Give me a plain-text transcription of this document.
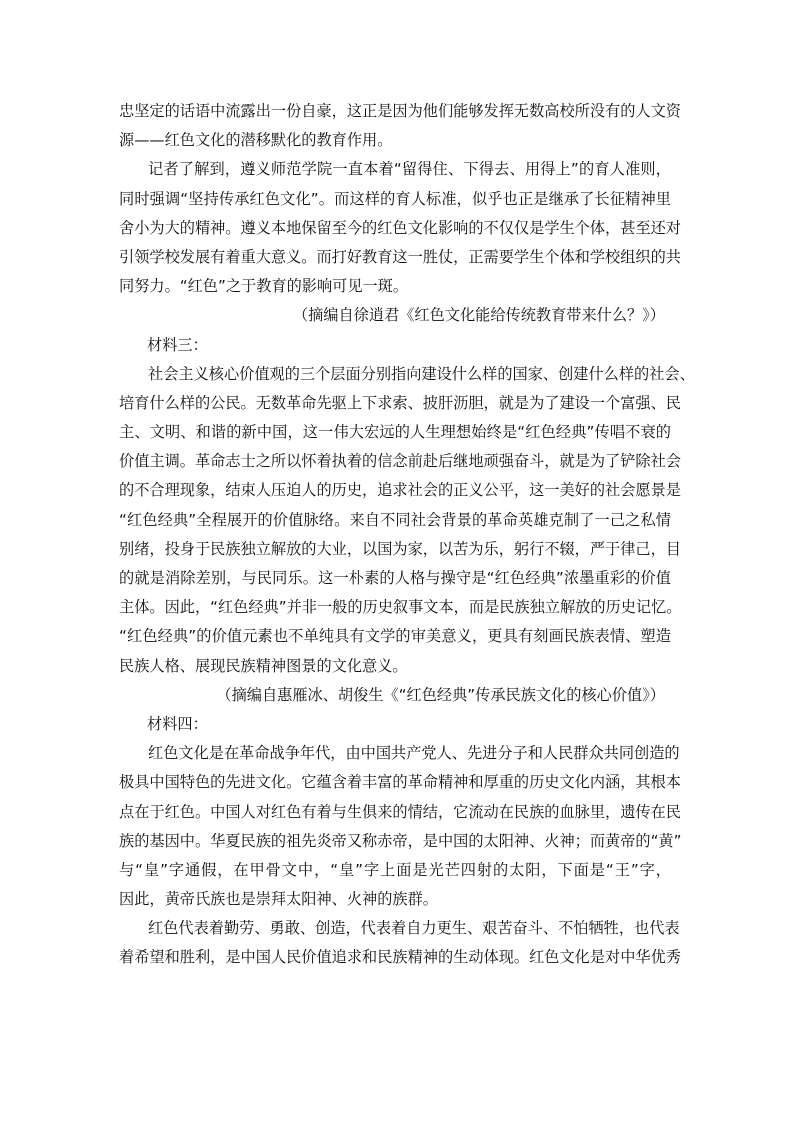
忠坚定的话语中流露出一份自豪，这正是因为他们能够发挥无数高校所没有的人文资
源——红色文化的潜移默化的教育作用。
记者了解到，遵义师范学院一直本着“留得住、下得去、用得上”的育人准则，
同时强调“坚持传承红色文化”。而这样的育人标准，似乎也正是继承了长征精神里
舍小为大的精神。遵义本地保留至今的红色文化影响的不仅仅是学生个体，甚至还对
引领学校发展有着重大意义。而打好教育这一胜仗，正需要学生个体和学校组织的共
同努力。“红色”之于教育的影响可见一斑。
（摘编自徐逍君《红色文化能给传统教育带来什么？》）
材料三：
社会主义核心价值观的三个层面分别指向建设什么样的国家、创建什么样的社会、
培育什么样的公民。无数革命先驱上下求索、披肝沥胆，就是为了建设一个富强、民
主、文明、和谐的新中国，这一伟大宏远的人生理想始终是“红色经典”传唱不衰的
价值主调。革命志士之所以怀着执着的信念前赴后继地顽强奋斗，就是为了铲除社会
的不合理现象，结束人压迫人的历史，追求社会的正义公平，这一美好的社会愿景是
“红色经典”全程展开的价值脉络。来自不同社会背景的革命英雄克制了一己之私情
别绪，投身于民族独立解放的大业，以国为家，以苦为乐，躬行不辍，严于律己，目
的就是消除差别，与民同乐。这一朴素的人格与操守是“红色经典”浓墨重彩的价值
主体。因此，“红色经典”并非一般的历史叙事文本，而是民族独立解放的历史记忆。
“红色经典”的价值元素也不单纯具有文学的审美意义，更具有刻画民族表情、塑造
民族人格、展现民族精神图景的文化意义。
（摘编自惠雁冰、胡俊生《“红色经典”传承民族文化的核心价值》）
材料四：
红色文化是在革命战争年代，由中国共产党人、先进分子和人民群众共同创造的
极具中国特色的先进文化。它蕴含着丰富的革命精神和厚重的历史文化内涵，其根本
点在于红色。中国人对红色有着与生俱来的情结，它流动在民族的血脉里，遗传在民
族的基因中。华夏民族的祖先炎帝又称赤帝，是中国的太阳神、火神；而黄帝的“黄”
与“皇”字通假，在甲骨文中，“皇”字上面是光芒四射的太阳，下面是“王”字，
因此，黄帝氏族也是崇拜太阳神、火神的族群。
红色代表着勤劳、勇敢、创造，代表着自力更生、艰苦奋斗、不怕牺牲，也代表
着希望和胜利，是中国人民价值追求和民族精神的生动体现。红色文化是对中华优秀
